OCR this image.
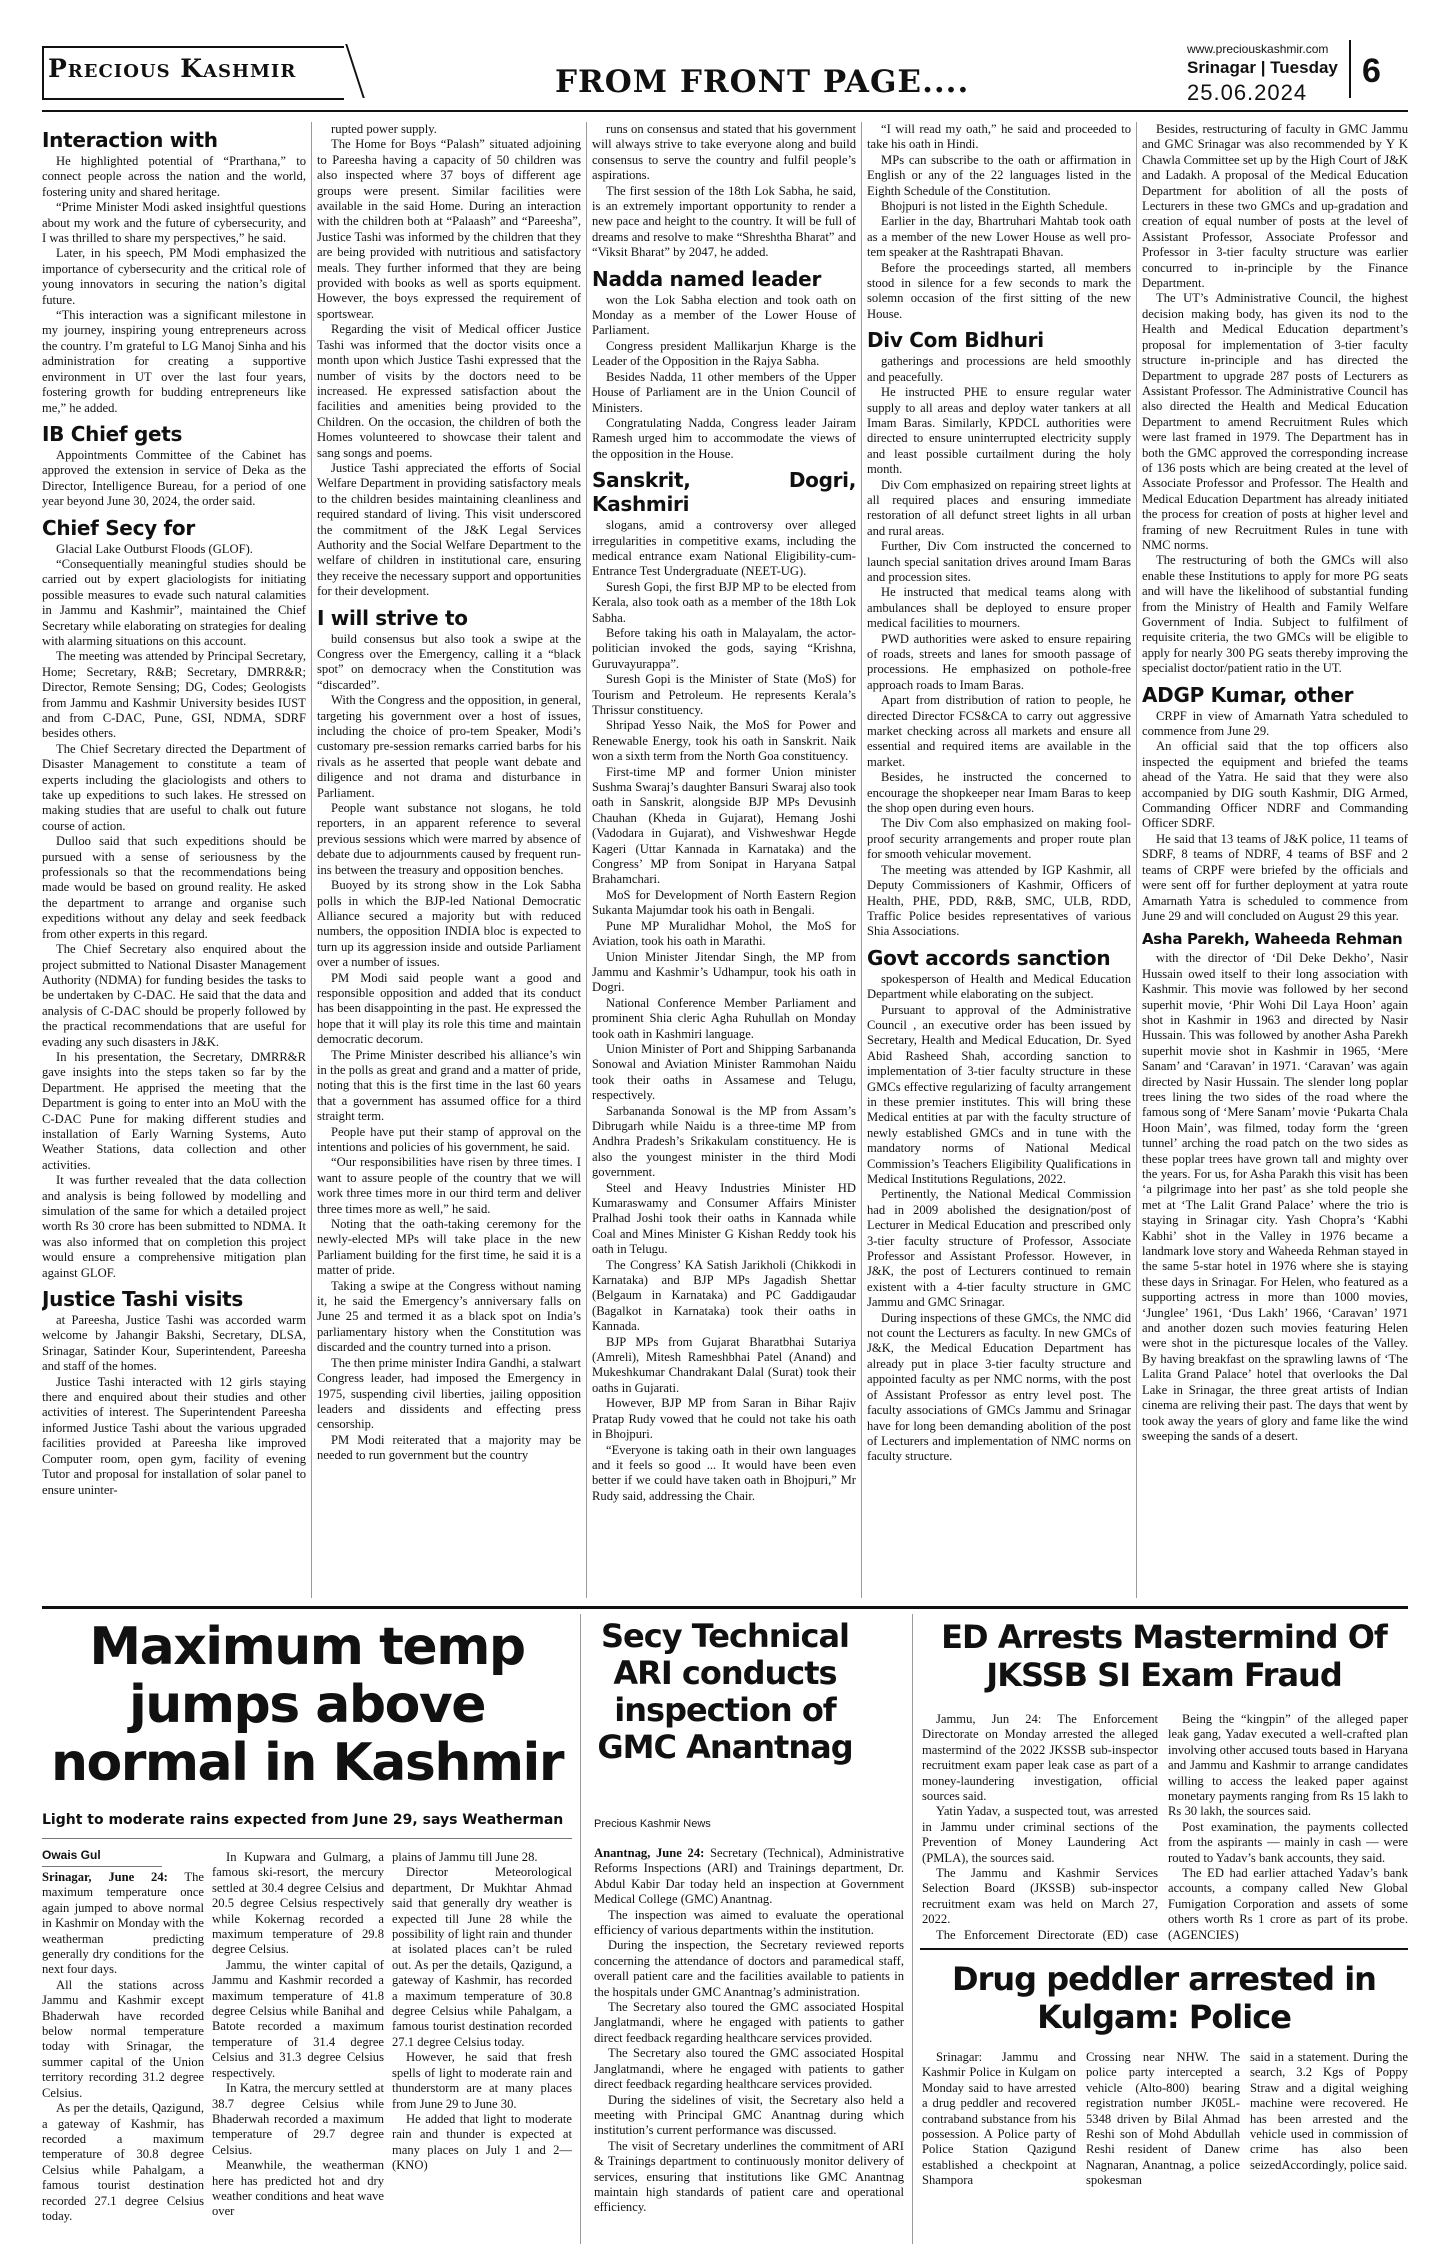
Precious Kashmir	FROM FRONT PAGE....
www.preciouskashmir.com
Srinagar | Tuesday
25.06.2024
6
Interaction with

He highlighted potential of “Prarthana,” to connect people across the nation and the world, fostering unity and shared heritage.

“Prime Minister Modi asked insightful questions about my work and the future of cybersecurity, and I was thrilled to share my perspectives,” he said.

Later, in his speech, PM Modi emphasized the importance of cybersecurity and the critical role of young innovators in securing the nation’s digital future.

“This interaction was a significant milestone in my journey, inspiring young entrepreneurs across the country. I’m grateful to LG Manoj Sinha and his administration for creating a supportive environment in UT over the last four years, fostering growth for budding entrepreneurs like me,” he added.

IB Chief gets

Appointments Committee of the Cabinet has approved the extension in service of Deka as the Director, Intelligence Bureau, for a period of one year beyond June 30, 2024, the order said.

Chief Secy for

Glacial Lake Outburst Floods (GLOF).

“Consequentially meaningful studies should be carried out by expert glaciologists for initiating possible measures to evade such natural calamities in Jammu and Kashmir”, maintained the Chief Secretary while elaborating on strategies for dealing with alarming situations on this account.

The meeting was attended by Principal Secretary, Home; Secretary, R&B; Secretary, DMRR&R; Director, Remote Sensing; DG, Codes; Geologists from Jammu and Kashmir University besides IUST and from C-DAC, Pune, GSI, NDMA, SDRF besides others.

The Chief Secretary directed the Department of Disaster Management to constitute a team of experts including the glaciologists and others to take up expeditions to such lakes. He stressed on making studies that are useful to chalk out future course of action.

Dulloo said that such expeditions should be pursued with a sense of seriousness by the professionals so that the recommendations being made would be based on ground reality. He asked the department to arrange and organise such expeditions without any delay and seek feedback from other experts in this regard.

The Chief Secretary also enquired about the project submitted to National Disaster Management Authority (NDMA) for funding besides the tasks to be undertaken by C-DAC. He said that the data and analysis of C-DAC should be properly followed by the practical recommendations that are useful for evading any such disasters in J&K.

In his presentation, the Secretary, DMRR&R gave insights into the steps taken so far by the Department. He apprised the meeting that the Department is going to enter into an MoU with the C-DAC Pune for making different studies and installation of Early Warning Systems, Auto Weather Stations, data collection and other activities.

It was further revealed that the data collection and analysis is being followed by modelling and simulation of the same for which a detailed project worth Rs 30 crore has been submitted to NDMA. It was also informed that on completion this project would ensure a comprehensive mitigation plan against GLOF.

Justice Tashi visits

at Pareesha, Justice Tashi was accorded warm welcome by Jahangir Bakshi, Secretary, DLSA, Srinagar, Satinder Kour, Superintendent, Pareesha and staff of the homes.

Justice Tashi interacted with 12 girls staying there and enquired about their studies and other activities of interest. The Superintendent Pareesha informed Justice Tashi about the various upgraded facilities provided at Pareesha like improved Computer room, open gym, facility of evening Tutor and proposal for installation of solar panel to ensure uninter-

rupted power supply.

The Home for Boys “Palash” situated adjoining to Pareesha having a capacity of 50 children was also inspected where 37 boys of different age groups were present. Similar facilities were available in the said Home. During an interaction with the children both at “Palaash” and “Pareesha”, Justice Tashi was informed by the children that they are being provided with nutritious and satisfactory meals. They further informed that they are being provided with books as well as sports equipment. However, the boys expressed the requirement of sportswear.

Regarding the visit of Medical officer Justice Tashi was informed that the doctor visits once a month upon which Justice Tashi expressed that the number of visits by the doctors need to be increased. He expressed satisfaction about the facilities and amenities being provided to the Children. On the occasion, the children of both the Homes volunteered to showcase their talent and sang songs and poems.

Justice Tashi appreciated the efforts of Social Welfare Department in providing satisfactory meals to the children besides maintaining cleanliness and required standard of living. This visit underscored the commitment of the J&K Legal Services Authority and the Social Welfare Department to the welfare of children in institutional care, ensuring they receive the necessary support and opportunities for their development.

I will strive to

build consensus but also took a swipe at the Congress over the Emergency, calling it a “black spot” on democracy when the Constitution was “discarded”.

With the Congress and the opposition, in general, targeting his government over a host of issues, including the choice of pro-tem Speaker, Modi’s customary pre-session remarks carried barbs for his rivals as he asserted that people want debate and diligence and not drama and disturbance in Parliament.

People want substance not slogans, he told reporters, in an apparent reference to several previous sessions which were marred by absence of debate due to adjournments caused by frequent run-ins between the treasury and opposition benches.

Buoyed by its strong show in the Lok Sabha polls in which the BJP-led National Democratic Alliance secured a majority but with reduced numbers, the opposition INDIA bloc is expected to turn up its aggression inside and outside Parliament over a number of issues.

PM Modi said people want a good and responsible opposition and added that its conduct has been disappointing in the past. He expressed the hope that it will play its role this time and maintain democratic decorum.

The Prime Minister described his alliance’s win in the polls as great and grand and a matter of pride, noting that this is the first time in the last 60 years that a government has assumed office for a third straight term.

People have put their stamp of approval on the intentions and policies of his government, he said.

“Our responsibilities have risen by three times. I want to assure people of the country that we will work three times more in our third term and deliver three times more as well,” he said.

Noting that the oath-taking ceremony for the newly-elected MPs will take place in the new Parliament building for the first time, he said it is a matter of pride.

Taking a swipe at the Congress without naming it, he said the Emergency’s anniversary falls on June 25 and termed it as a black spot on India’s parliamentary history when the Constitution was discarded and the country turned into a prison.

The then prime minister Indira Gandhi, a stalwart Congress leader, had imposed the Emergency in 1975, suspending civil liberties, jailing opposition leaders and dissidents and effecting press censorship.

PM Modi reiterated that a majority may be needed to run government but the country

runs on consensus and stated that his government will always strive to take everyone along and build consensus to serve the country and fulfil people’s aspirations.

The first session of the 18th Lok Sabha, he said, is an extremely important opportunity to render a new pace and height to the country. It will be full of dreams and resolve to make “Shreshtha Bharat” and “Viksit Bharat” by 2047, he added.

Nadda named leader

won the Lok Sabha election and took oath on Monday as a member of the Lower House of Parliament.

Congress president Mallikarjun Kharge is the Leader of the Opposition in the Rajya Sabha.

Besides Nadda, 11 other members of the Upper House of Parliament are in the Union Council of Ministers.

Congratulating Nadda, Congress leader Jairam Ramesh urged him to accommodate the views of the opposition in the House.

Sanskrit, Dogri, Kashmiri

slogans, amid a controversy over alleged irregularities in competitive exams, including the medical entrance exam National Eligibility-cum-Entrance Test Undergraduate (NEET-UG).

Suresh Gopi, the first BJP MP to be elected from Kerala, also took oath as a member of the 18th Lok Sabha.

Before taking his oath in Malayalam, the actor-politician invoked the gods, saying “Krishna, Guruvayurappa”.

Suresh Gopi is the Minister of State (MoS) for Tourism and Petroleum. He represents Kerala’s Thrissur constituency.

Shripad Yesso Naik, the MoS for Power and Renewable Energy, took his oath in Sanskrit. Naik won a sixth term from the North Goa constituency.

First-time MP and former Union minister Sushma Swaraj’s daughter Bansuri Swaraj also took oath in Sanskrit, alongside BJP MPs Devusinh Chauhan (Kheda in Gujarat), Hemang Joshi (Vadodara in Gujarat), and Vishweshwar Hegde Kageri (Uttar Kannada in Karnataka) and the Congress’ MP from Sonipat in Haryana Satpal Brahamchari.

MoS for Development of North Eastern Region Sukanta Majumdar took his oath in Bengali.

Pune MP Muralidhar Mohol, the MoS for Aviation, took his oath in Marathi.

Union Minister Jitendar Singh, the MP from Jammu and Kashmir’s Udhampur, took his oath in Dogri.

National Conference Member Parliament and prominent Shia cleric Agha Ruhullah on Monday took oath in Kashmiri language.

Union Minister of Port and Shipping Sarbananda Sonowal and Aviation Minister Rammohan Naidu took their oaths in Assamese and Telugu, respectively.

Sarbananda Sonowal is the MP from Assam’s Dibrugarh while Naidu is a three-time MP from Andhra Pradesh’s Srikakulam constituency. He is also the youngest minister in the third Modi government.

Steel and Heavy Industries Minister HD Kumaraswamy and Consumer Affairs Minister Pralhad Joshi took their oaths in Kannada while Coal and Mines Minister G Kishan Reddy took his oath in Telugu.

The Congress’ KA Satish Jarikholi (Chikkodi in Karnataka) and BJP MPs Jagadish Shettar (Belgaum in Karnataka) and PC Gaddigaudar (Bagalkot in Karnataka) took their oaths in Kannada.

BJP MPs from Gujarat Bharatbhai Sutariya (Amreli), Mitesh Rameshbhai Patel (Anand) and Mukeshkumar Chandrakant Dalal (Surat) took their oaths in Gujarati.

However, BJP MP from Saran in Bihar Rajiv Pratap Rudy vowed that he could not take his oath in Bhojpuri.

“Everyone is taking oath in their own languages and it feels so good ... It would have been even better if we could have taken oath in Bhojpuri,” Mr Rudy said, addressing the Chair.

“I will read my oath,” he said and proceeded to take his oath in Hindi.

MPs can subscribe to the oath or affirmation in English or any of the 22 languages listed in the Eighth Schedule of the Constitution.

Bhojpuri is not listed in the Eighth Schedule.

Earlier in the day, Bhartruhari Mahtab took oath as a member of the new Lower House as well pro-tem speaker at the Rashtrapati Bhavan.

Before the proceedings started, all members stood in silence for a few seconds to mark the solemn occasion of the first sitting of the new House.

Div Com Bidhuri

gatherings and processions are held smoothly and peacefully.

He instructed PHE to ensure regular water supply to all areas and deploy water tankers at all Imam Baras. Similarly, KPDCL authorities were directed to ensure uninterrupted electricity supply and least possible curtailment during the holy month.

Div Com emphasized on repairing street lights at all required places and ensuring immediate restoration of all defunct street lights in all urban and rural areas.

Further, Div Com instructed the concerned to launch special sanitation drives around Imam Baras and procession sites.

He instructed that medical teams along with ambulances shall be deployed to ensure proper medical facilities to mourners.

PWD authorities were asked to ensure repairing of roads, streets and lanes for smooth passage of processions. He emphasized on pothole-free approach roads to Imam Baras.

Apart from distribution of ration to people, he directed Director FCS&CA to carry out aggressive market checking across all markets and ensure all essential and required items are available in the market.

Besides, he instructed the concerned to encourage the shopkeeper near Imam Baras to keep the shop open during even hours.

The Div Com also emphasized on making fool-proof security arrangements and proper route plan for smooth vehicular movement.

The meeting was attended by IGP Kashmir, all Deputy Commissioners of Kashmir, Officers of Health, PHE, PDD, R&B, SMC, ULB, RDD, Traffic Police besides representatives of various Shia Associations.

Govt accords sanction

spokesperson of Health and Medical Education Department while elaborating on the subject.

Pursuant to approval of the Administrative Council , an executive order has been issued by Secretary, Health and Medical Education, Dr. Syed Abid Rasheed Shah, according sanction to implementation of 3-tier faculty structure in these GMCs effective regularizing of faculty arrangement in these premier institutes. This will bring these Medical entities at par with the faculty structure of newly established GMCs and in tune with the mandatory norms of National Medical Commission’s Teachers Eligibility Qualifications in Medical Institutions Regulations, 2022.

Pertinently, the National Medical Commission had in 2009 abolished the designation/post of Lecturer in Medical Education and prescribed only 3-tier faculty structure of Professor, Associate Professor and Assistant Professor. However, in J&K, the post of Lecturers continued to remain existent with a 4-tier faculty structure in GMC Jammu and GMC Srinagar.

During inspections of these GMCs, the NMC did not count the Lecturers as faculty. In new GMCs of J&K, the Medical Education Department has already put in place 3-tier faculty structure and appointed faculty as per NMC norms, with the post of Assistant Professor as entry level post. The faculty associations of GMCs Jammu and Srinagar have for long been demanding abolition of the post of Lecturers and implementation of NMC norms on faculty structure.

Besides, restructuring of faculty in GMC Jammu and GMC Srinagar was also recommended by Y K Chawla Committee set up by the High Court of J&K and Ladakh. A proposal of the Medical Education Department for abolition of all the posts of Lecturers in these two GMCs and up-gradation and creation of equal number of posts at the level of Assistant Professor, Associate Professor and Professor in 3-tier faculty structure was earlier concurred to in-principle by the Finance Department.

The UT’s Administrative Council, the highest decision making body, has given its nod to the Health and Medical Education department’s proposal for implementation of 3-tier faculty structure in-principle and has directed the Department to upgrade 287 posts of Lecturers as Assistant Professor. The Administrative Council has also directed the Health and Medical Education Department to amend Recruitment Rules which were last framed in 1979. The Department has in both the GMC approved the corresponding increase of 136 posts which are being created at the level of Associate Professor and Professor. The Health and Medical Education Department has already initiated the process for creation of posts at higher level and framing of new Recruitment Rules in tune with NMC norms.

The restructuring of both the GMCs will also enable these Institutions to apply for more PG seats and will have the likelihood of substantial funding from the Ministry of Health and Family Welfare Government of India. Subject to fulfilment of requisite criteria, the two GMCs will be eligible to apply for nearly 300 PG seats thereby improving the specialist doctor/patient ratio in the UT.

ADGP Kumar, other

CRPF in view of Amarnath Yatra scheduled to commence from June 29.

An official said that the top officers also inspected the equipment and briefed the teams ahead of the Yatra. He said that they were also accompanied by DIG south Kashmir, DIG Armed, Commanding Officer NDRF and Commanding Officer SDRF.

He said that 13 teams of J&K police, 11 teams of SDRF, 8 teams of NDRF, 4 teams of BSF and 2 teams of CRPF were briefed by the officials and were sent off for further deployment at yatra route Amarnath Yatra is scheduled to commence from June 29 and will concluded on August 29 this year.

Asha Parekh, Waheeda Rehman

with the director of ‘Dil Deke Dekho’, Nasir Hussain owed itself to their long association with Kashmir. This movie was followed by her second superhit movie, ‘Phir Wohi Dil Laya Hoon’ again shot in Kashmir in 1963 and directed by Nasir Hussain. This was followed by another Asha Parekh superhit movie shot in Kashmir in 1965, ‘Mere Sanam’ and ‘Caravan’ in 1971. ‘Caravan’ was again directed by Nasir Hussain. The slender long poplar trees lining the two sides of the road where the famous song of ‘Mere Sanam’ movie ‘Pukarta Chala Hoon Main’, was filmed, today form the ‘green tunnel’ arching the road patch on the two sides as these poplar trees have grown tall and mighty over the years. For us, for Asha Parakh this visit has been ‘a pilgrimage into her past’ as she told people she met at ‘The Lalit Grand Palace’ where the trio is staying in Srinagar city. Yash Chopra’s ‘Kabhi Kabhi’ shot in the Valley in 1976 became a landmark love story and Waheeda Rehman stayed in the same 5-star hotel in 1976 where she is staying these days in Srinagar. For Helen, who featured as a supporting actress in more than 1000 movies, ‘Junglee’ 1961, ‘Dus Lakh’ 1966, ‘Caravan’ 1971 and another dozen such movies featuring Helen were shot in the picturesque locales of the Valley. By having breakfast on the sprawling lawns of ‘The Lalita Grand Palace’ hotel that overlooks the Dal Lake in Srinagar, the three great artists of Indian cinema are reliving their past. The days that went by took away the years of glory and fame like the wind sweeping the sands of a desert.

Maximum temp jumps above normal in Kashmir
Light to moderate rains expected from June 29, says Weatherman
Owais Gul

Srinagar, June 24: The maximum temperature once again jumped to above normal in Kashmir on Monday with the weatherman predicting generally dry conditions for the next four days.

All the stations across Jammu and Kashmir except Bhaderwah have recorded below normal temperature today with Srinagar, the summer capital of the Union territory recording 31.2 degree Celsius.

As per the details, Qazigund, a gateway of Kashmir, has recorded a maximum temperature of 30.8 degree Celsius while Pahalgam, a famous tourist destination recorded 27.1 degree Celsius today.

In Kupwara and Gulmarg, a famous ski-resort, the mercury settled at 30.4 degree Celsius and 20.5 degree Celsius respectively while Kokernag recorded a maximum temperature of 29.8 degree Celsius.

Jammu, the winter capital of Jammu and Kashmir recorded a maximum temperature of 41.8 degree Celsius while Banihal and Batote recorded a maximum temperature of 31.4 degree Celsius and 31.3 degree Celsius respectively.

In Katra, the mercury settled at 38.7 degree Celsius while Bhaderwah recorded a maximum temperature of 29.7 degree Celsius.

Meanwhile, the weatherman here has predicted hot and dry weather conditions and heat wave over

plains of Jammu till June 28.

Director Meteorological department, Dr Mukhtar Ahmad said that generally dry weather is expected till June 28 while the possibility of light rain and thunder at isolated places can’t be ruled out. As per the details, Qazigund, a gateway of Kashmir, has recorded a maximum temperature of 30.8 degree Celsius while Pahalgam, a famous tourist destination recorded 27.1 degree Celsius today.

However, he said that fresh spells of light to moderate rain and thunderstorm are at many places from June 29 to June 30.

He added that light to moderate rain and thunder is expected at many places on July 1 and 2—(KNO)

Secy Technical ARI conducts inspection of GMC Anantnag
Precious Kashmir News

Anantnag, June 24: Secretary (Technical), Administrative Reforms Inspections (ARI) and Trainings department, Dr. Abdul Kabir Dar today held an inspection at Government Medical College (GMC) Anantnag.

The inspection was aimed to evaluate the operational efficiency of various departments within the institution.

During the inspection, the Secretary reviewed reports concerning the attendance of doctors and paramedical staff, overall patient care and the facilities available to patients in the hospitals under GMC Anantnag’s administration.

The Secretary also toured the GMC associated Hospital Janglatmandi, where he engaged with patients to gather direct feedback regarding healthcare services provided.

The Secretary also toured the GMC associated Hospital Janglatmandi, where he engaged with patients to gather direct feedback regarding healthcare services provided.

During the sidelines of visit, the Secretary also held a meeting with Principal GMC Anantnag during which institution’s current performance was discussed.

The visit of Secretary underlines the commitment of ARI & Trainings department to continuously monitor delivery of services, ensuring that institutions like GMC Anantnag maintain high standards of patient care and operational efficiency.

ED Arrests Mastermind Of JKSSB SI Exam Fraud

Jammu, Jun 24: The Enforcement Directorate on Monday arrested the alleged mastermind of the 2022 JKSSB sub-inspector recruitment exam paper leak case as part of a money-laundering investigation, official sources said.

Yatin Yadav, a suspected tout, was arrested in Jammu under criminal sections of the Prevention of Money Laundering Act (PMLA), the sources said.

The Jammu and Kashmir Services Selection Board (JKSSB) sub-inspector recruitment exam was held on March 27, 2022.

The Enforcement Directorate (ED) case

Being the “kingpin” of the alleged paper leak gang, Yadav executed a well-crafted plan involving other accused touts based in Haryana and Jammu and Kashmir to arrange candidates willing to access the leaked paper against monetary payments ranging from Rs 15 lakh to Rs 30 lakh, the sources said.

Post examination, the payments collected from the aspirants — mainly in cash — were routed to Yadav’s bank accounts, they said.

The ED had earlier attached Yadav’s bank accounts, a company called New Global Fumigation Corporation and assets of some others worth Rs 1 crore as part of its probe. (AGENCIES)

Drug peddler arrested in Kulgam: Police

Srinagar: Jammu and Kashmir Police in Kulgam on Monday said to have arrested a drug peddler and recovered contraband substance from his possession. A Police party of Police Station Qazigund established a checkpoint at Shampora

Crossing near NHW. The police party intercepted a vehicle (Alto-800) bearing registration number JK05L-5348 driven by Bilal Ahmad Reshi son of Mohd Abdullah Reshi resident of Danew Nagnaran, Anantnag, a police spokesman

said in a statement. During the search, 3.2 Kgs of Poppy Straw and a digital weighing machine were recovered. He has been arrested and the vehicle used in commission of crime has also been seizedAccordingly, police said.
